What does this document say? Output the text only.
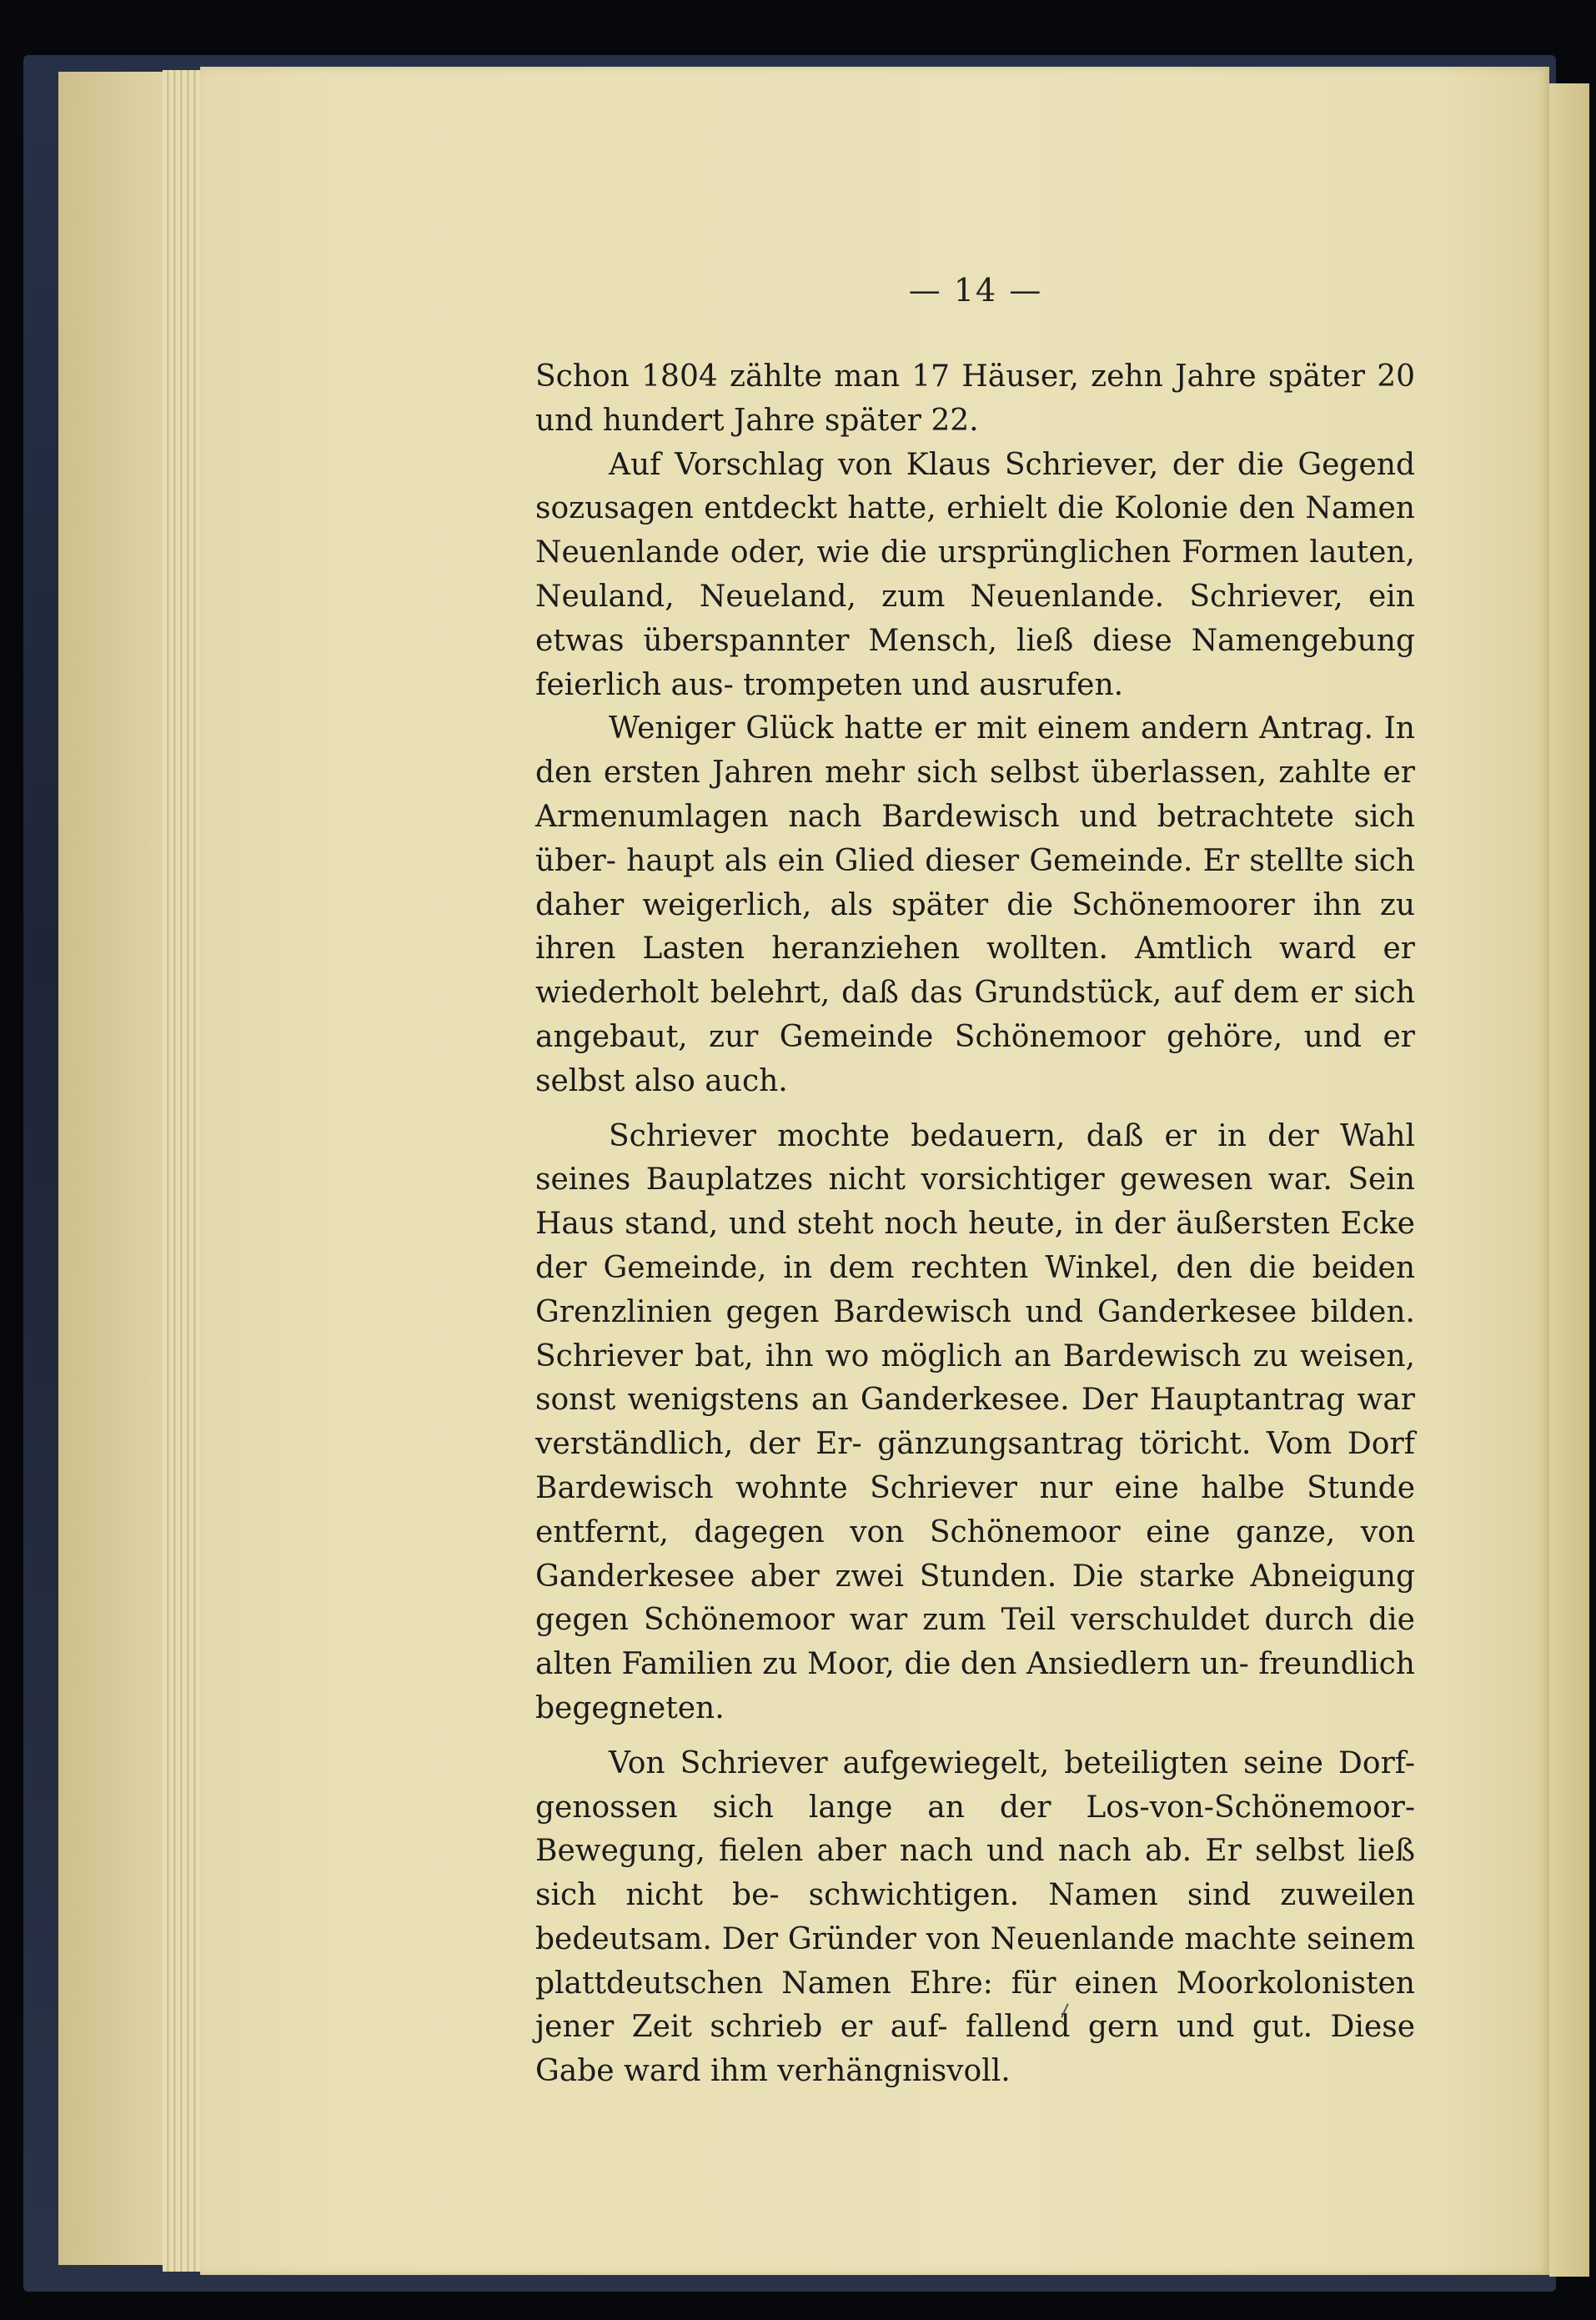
— 14 —

Schon 1804 zählte man 17 Häuser, zehn Jahre später 20 und hundert Jahre später 22.

Auf Vorschlag von Klaus Schriever, der die Gegend sozusagen entdeckt hatte, erhielt die Kolonie den Namen Neuenlande oder, wie die ursprünglichen Formen lauten, Neuland, Neueland, zum Neuenlande. Schriever, ein etwas überspannter Mensch, ließ diese Namengebung feierlich aus- trompeten und ausrufen.

Weniger Glück hatte er mit einem andern Antrag. In den ersten Jahren mehr sich selbst überlassen, zahlte er Armenumlagen nach Bardewisch und betrachtete sich über- haupt als ein Glied dieser Gemeinde. Er stellte sich daher weigerlich, als später die Schönemoorer ihn zu ihren Lasten heranziehen wollten. Amtlich ward er wiederholt belehrt, daß das Grundstück, auf dem er sich angebaut, zur Gemeinde Schönemoor gehöre, und er selbst also auch.

Schriever mochte bedauern, daß er in der Wahl seines Bauplatzes nicht vorsichtiger gewesen war. Sein Haus stand, und steht noch heute, in der äußersten Ecke der Gemeinde, in dem rechten Winkel, den die beiden Grenzlinien gegen Bardewisch und Ganderkesee bilden. Schriever bat, ihn wo möglich an Bardewisch zu weisen, sonst wenigstens an Ganderkesee. Der Hauptantrag war verständlich, der Er- gänzungsantrag töricht. Vom Dorf Bardewisch wohnte Schriever nur eine halbe Stunde entfernt, dagegen von Schönemoor eine ganze, von Ganderkesee aber zwei Stunden. Die starke Abneigung gegen Schönemoor war zum Teil verschuldet durch die alten Familien zu Moor, die den Ansiedlern un- freundlich begegneten.

Von Schriever aufgewiegelt, beteiligten seine Dorf- genossen sich lange an der Los-von-Schönemoor-Bewegung, fielen aber nach und nach ab. Er selbst ließ sich nicht be- schwichtigen. Namen sind zuweilen bedeutsam. Der Gründer von Neuenlande machte seinem plattdeutschen Namen Ehre: für einen Moorkolonisten jener Zeit schrieb er auf- fallend gern und gut. Diese Gabe ward ihm verhängnisvoll.
